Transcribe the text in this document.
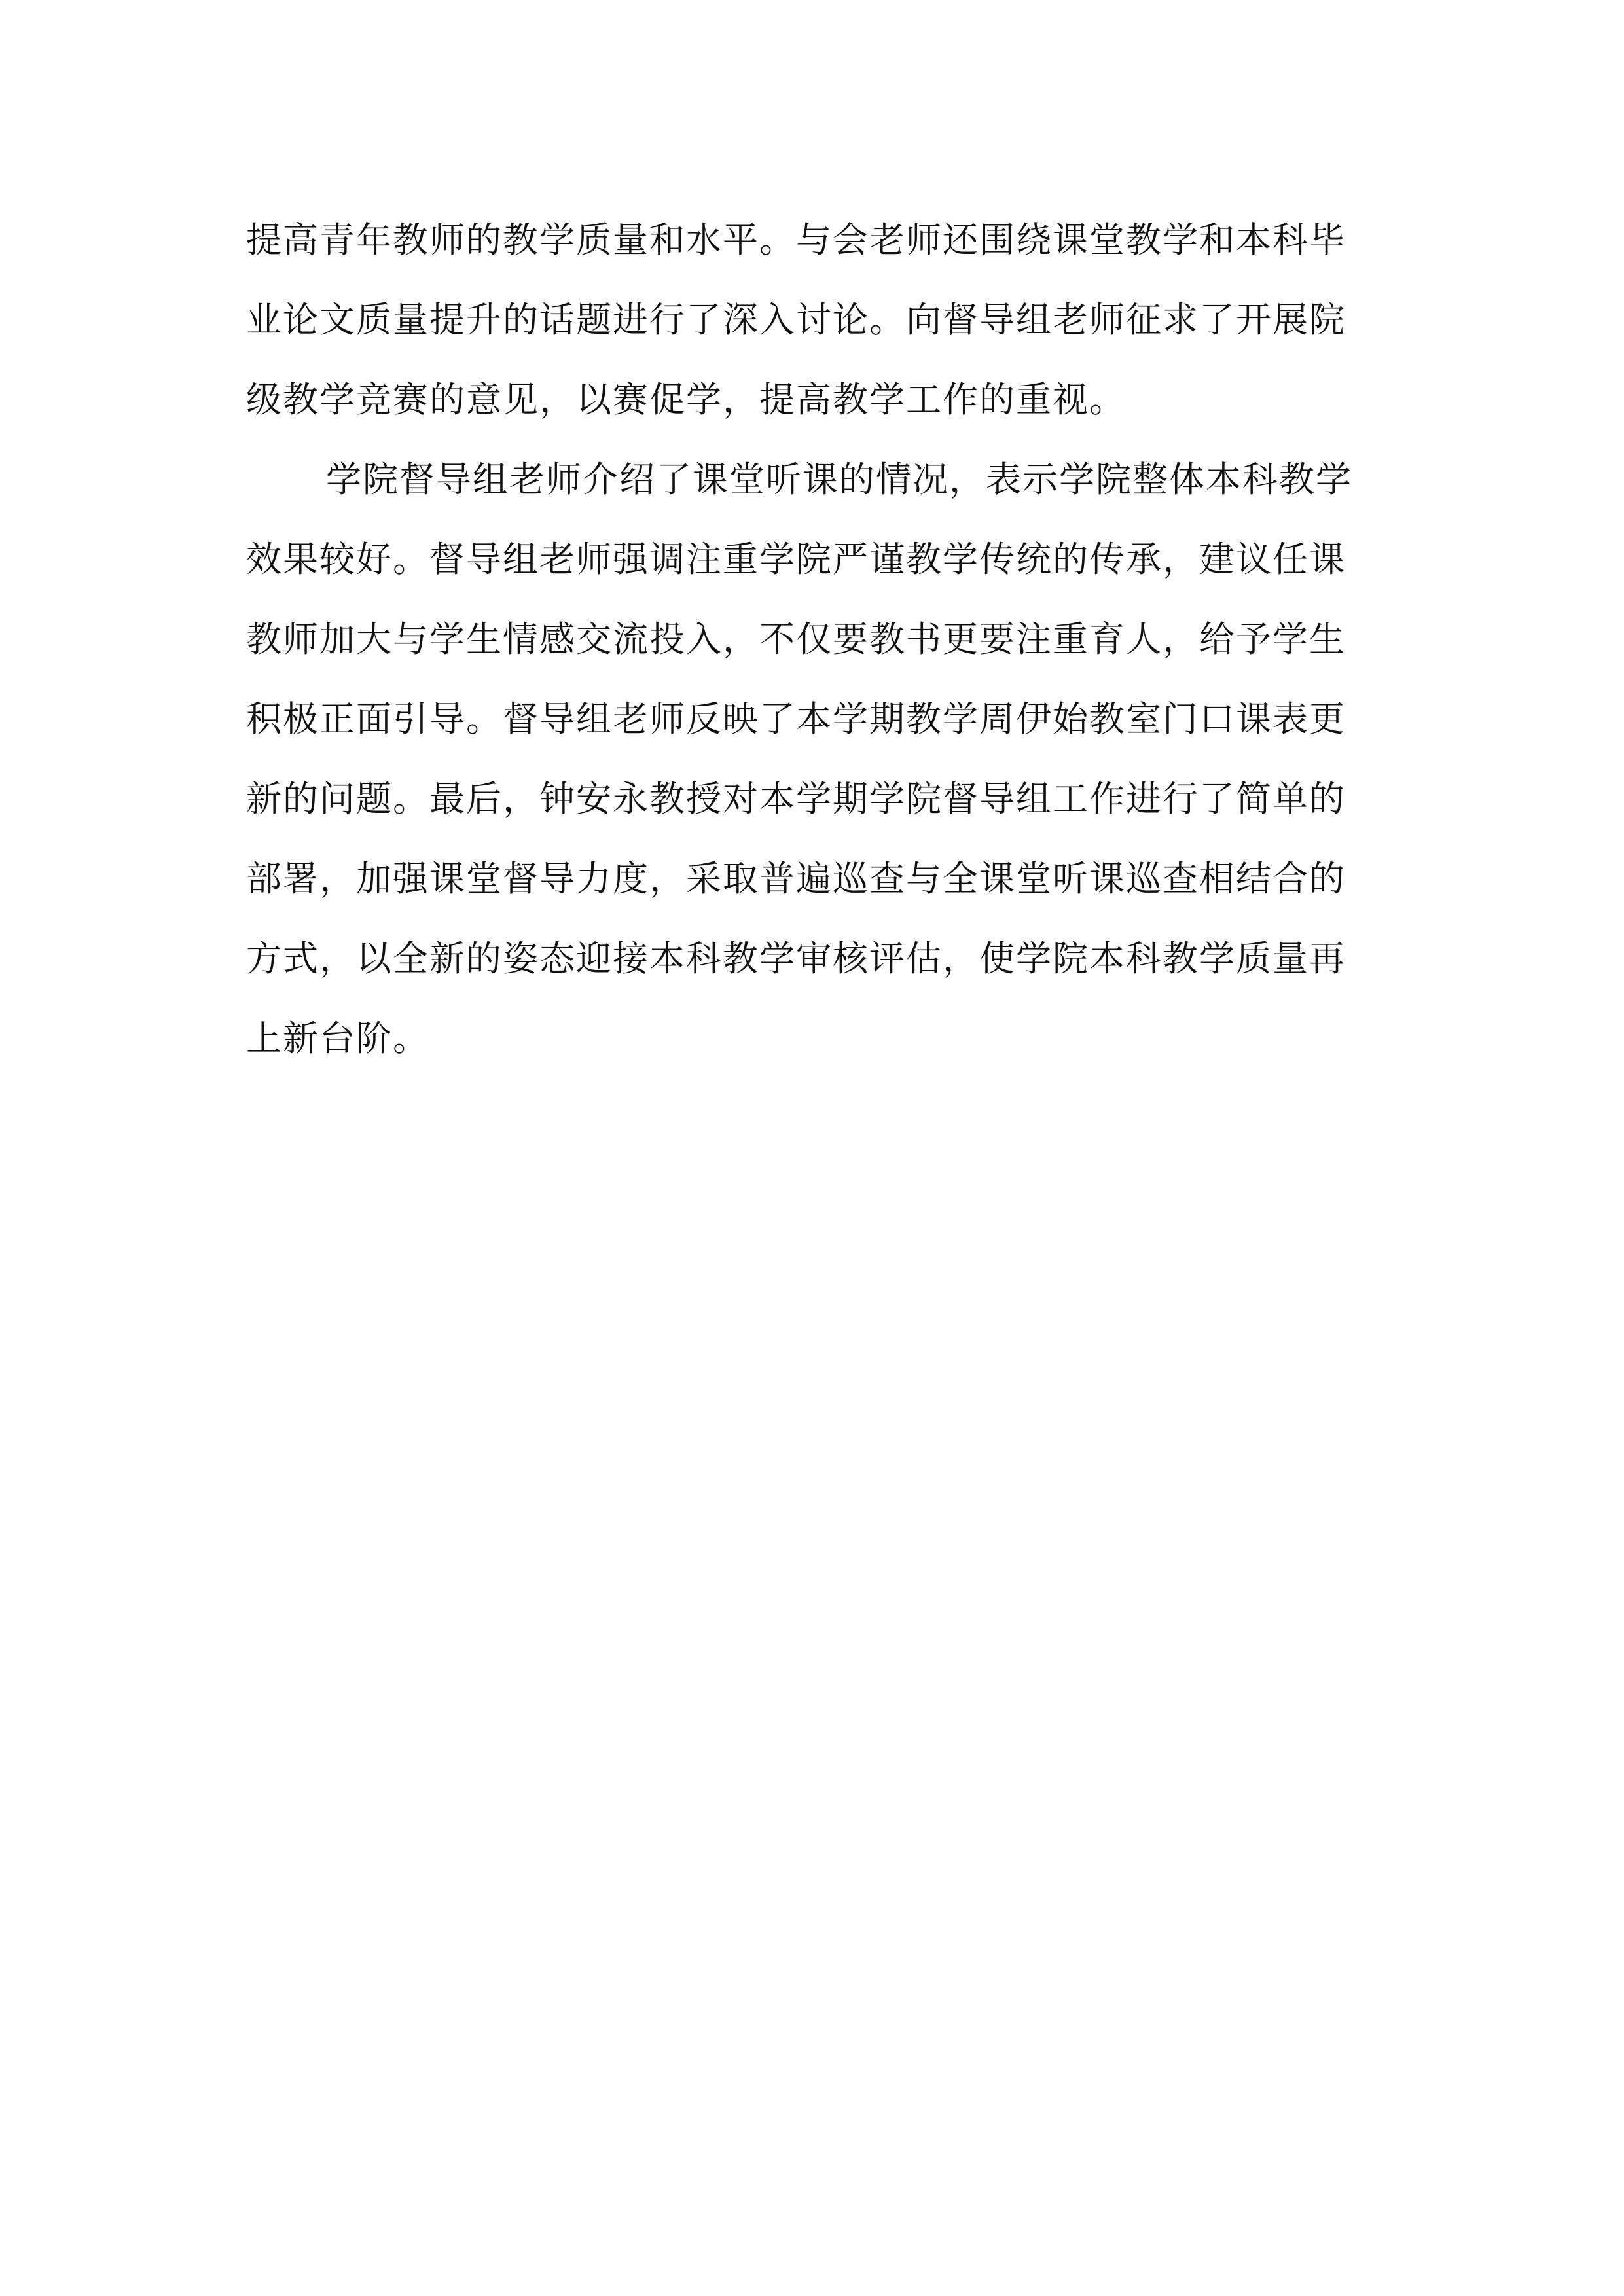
提高青年教师的教学质量和水平。与会老师还围绕课堂教学和本科毕
业论文质量提升的话题进行了深入讨论。向督导组老师征求了开展院
级教学竞赛的意见，以赛促学，提高教学工作的重视。
学院督导组老师介绍了课堂听课的情况，表示学院整体本科教学
效果较好。督导组老师强调注重学院严谨教学传统的传承，建议任课
教师加大与学生情感交流投入，不仅要教书更要注重育人，给予学生
积极正面引导。督导组老师反映了本学期教学周伊始教室门口课表更
新的问题。最后，钟安永教授对本学期学院督导组工作进行了简单的
部署，加强课堂督导力度，采取普遍巡查与全课堂听课巡查相结合的
方式，以全新的姿态迎接本科教学审核评估，使学院本科教学质量再
上新台阶。
